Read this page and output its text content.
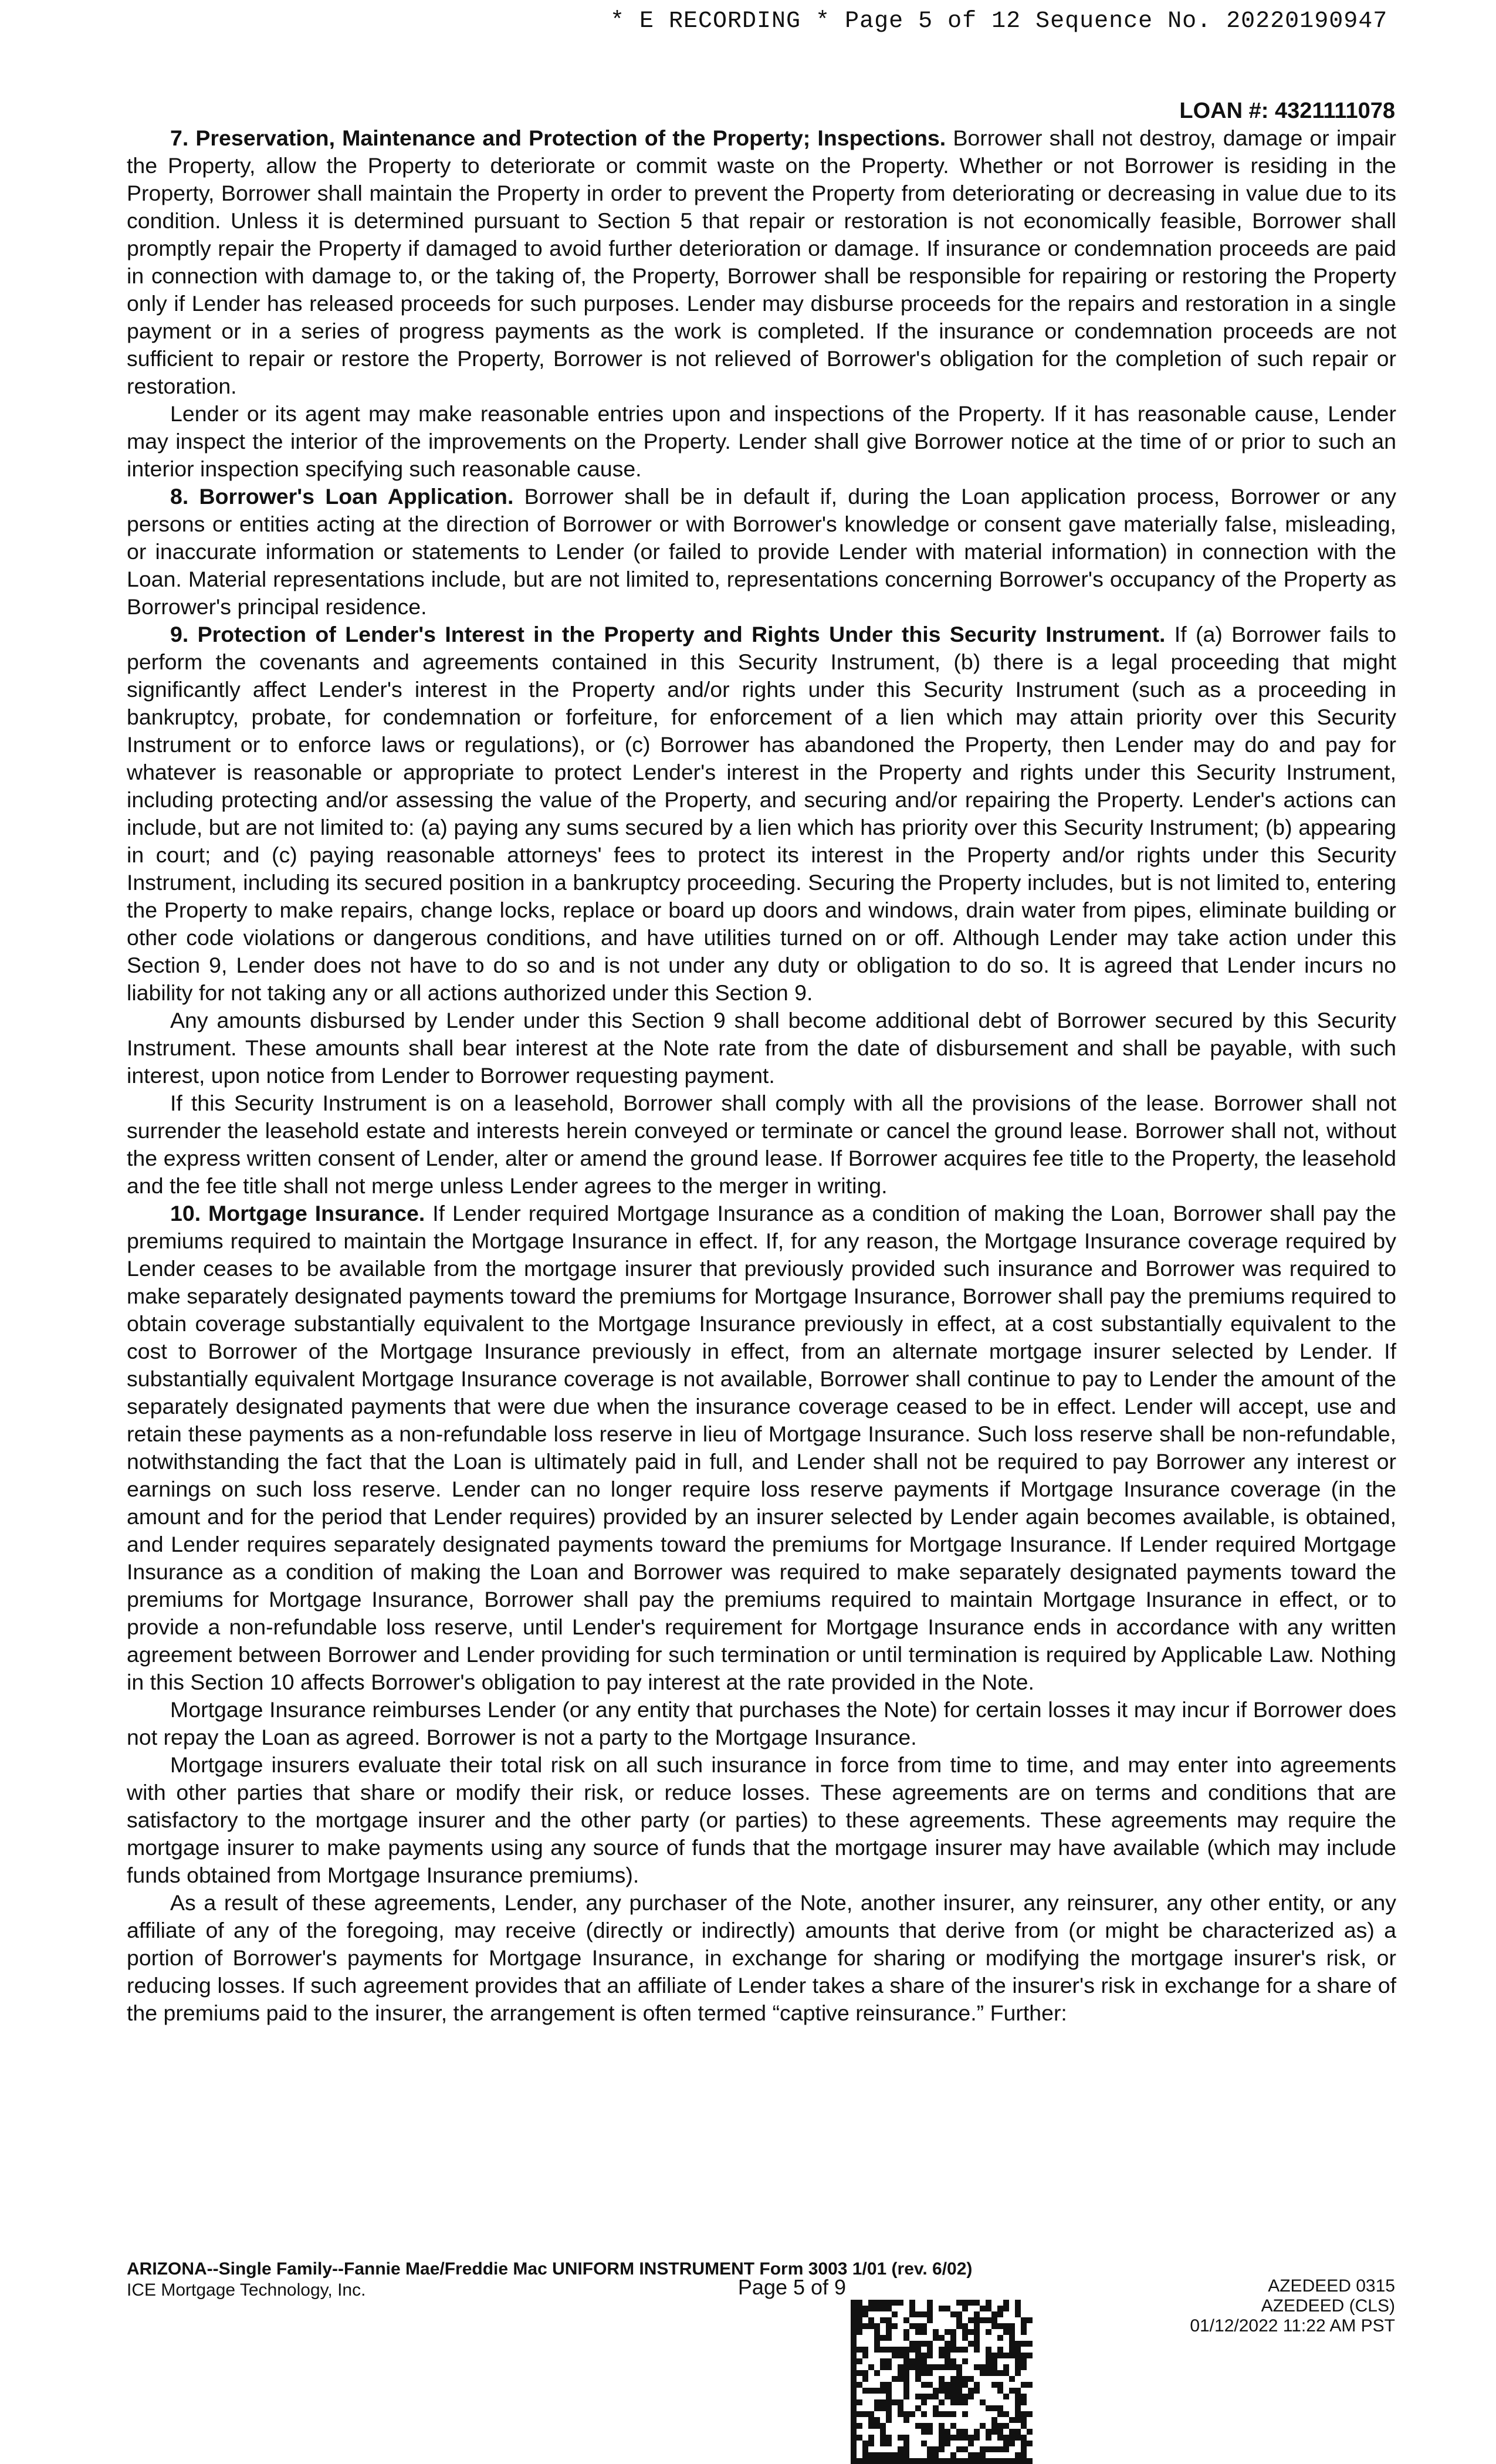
* E RECORDING * Page 5 of 12 Sequence No. 20220190947
LOAN #: 4321111078

7. Preservation, Maintenance and Protection of the Property; Inspections. Borrower shall not destroy, damage or impair the Property, allow the Property to deteriorate or commit waste on the Property. Whether or not Borrower is residing in the Property, Borrower shall maintain the Property in order to prevent the Property from deteriorating or decreasing in value due to its condition. Unless it is determined pursuant to Section 5 that repair or restoration is not economically feasible, Borrower shall promptly repair the Property if damaged to avoid further deterioration or damage. If insurance or condemnation proceeds are paid in connection with damage to, or the taking of, the Property, Borrower shall be responsible for repairing or restoring the Property only if Lender has released proceeds for such purposes. Lender may disburse proceeds for the repairs and restoration in a single payment or in a series of progress payments as the work is completed. If the insurance or condemnation proceeds are not sufficient to repair or restore the Property, Borrower is not relieved of Borrower's obligation for the completion of such repair or restoration.

Lender or its agent may make reasonable entries upon and inspections of the Property. If it has reasonable cause, Lender may inspect the interior of the improvements on the Property. Lender shall give Borrower notice at the time of or prior to such an interior inspection specifying such reasonable cause.

8. Borrower's Loan Application. Borrower shall be in default if, during the Loan application process, Borrower or any persons or entities acting at the direction of Borrower or with Borrower's knowledge or consent gave materially false, misleading, or inaccurate information or statements to Lender (or failed to provide Lender with material information) in connection with the Loan. Material representations include, but are not limited to, representations concerning Borrower's occupancy of the Property as Borrower's principal residence.

9. Protection of Lender's Interest in the Property and Rights Under this Security Instrument. If (a) Borrower fails to perform the covenants and agreements contained in this Security Instrument, (b) there is a legal proceeding that might significantly affect Lender's interest in the Property and/or rights under this Security Instrument (such as a proceeding in bankruptcy, probate, for condemnation or forfeiture, for enforcement of a lien which may attain priority over this Security Instrument or to enforce laws or regulations), or (c) Borrower has abandoned the Property, then Lender may do and pay for whatever is reasonable or appropriate to protect Lender's interest in the Property and rights under this Security Instrument, including protecting and/or assessing the value of the Property, and securing and/or repairing the Property. Lender's actions can include, but are not limited to: (a) paying any sums secured by a lien which has priority over this Security Instrument; (b) appearing in court; and (c) paying reasonable attorneys' fees to protect its interest in the Property and/or rights under this Security Instrument, including its secured position in a bankruptcy proceeding. Securing the Property includes, but is not limited to, entering the Property to make repairs, change locks, replace or board up doors and windows, drain water from pipes, eliminate building or other code violations or dangerous conditions, and have utilities turned on or off. Although Lender may take action under this Section 9, Lender does not have to do so and is not under any duty or obligation to do so. It is agreed that Lender incurs no liability for not taking any or all actions authorized under this Section 9.

Any amounts disbursed by Lender under this Section 9 shall become additional debt of Borrower secured by this Security Instrument. These amounts shall bear interest at the Note rate from the date of disbursement and shall be payable, with such interest, upon notice from Lender to Borrower requesting payment.

If this Security Instrument is on a leasehold, Borrower shall comply with all the provisions of the lease. Borrower shall not surrender the leasehold estate and interests herein conveyed or terminate or cancel the ground lease. Borrower shall not, without the express written consent of Lender, alter or amend the ground lease. If Borrower acquires fee title to the Property, the leasehold and the fee title shall not merge unless Lender agrees to the merger in writing.

10. Mortgage Insurance. If Lender required Mortgage Insurance as a condition of making the Loan, Borrower shall pay the premiums required to maintain the Mortgage Insurance in effect. If, for any reason, the Mortgage Insurance coverage required by Lender ceases to be available from the mortgage insurer that previously provided such insurance and Borrower was required to make separately designated payments toward the premiums for Mortgage Insurance, Borrower shall pay the premiums required to obtain coverage substantially equivalent to the Mortgage Insurance previously in effect, at a cost substantially equivalent to the cost to Borrower of the Mortgage Insurance previously in effect, from an alternate mortgage insurer selected by Lender. If substantially equivalent Mortgage Insurance coverage is not available, Borrower shall continue to pay to Lender the amount of the separately designated payments that were due when the insurance coverage ceased to be in effect. Lender will accept, use and retain these payments as a non-refundable loss reserve in lieu of Mortgage Insurance. Such loss reserve shall be non-refundable, notwithstanding the fact that the Loan is ultimately paid in full, and Lender shall not be required to pay Borrower any interest or earnings on such loss reserve. Lender can no longer require loss reserve payments if Mortgage Insurance coverage (in the amount and for the period that Lender requires) provided by an insurer selected by Lender again becomes available, is obtained, and Lender requires separately designated payments toward the premiums for Mortgage Insurance. If Lender required Mortgage Insurance as a condition of making the Loan and Borrower was required to make separately designated payments toward the premiums for Mortgage Insurance, Borrower shall pay the premiums required to maintain Mortgage Insurance in effect, or to provide a non-refundable loss reserve, until Lender's requirement for Mortgage Insurance ends in accordance with any written agreement between Borrower and Lender providing for such termination or until termination is required by Applicable Law. Nothing in this Section 10 affects Borrower's obligation to pay interest at the rate provided in the Note.

Mortgage Insurance reimburses Lender (or any entity that purchases the Note) for certain losses it may incur if Borrower does not repay the Loan as agreed. Borrower is not a party to the Mortgage Insurance.

Mortgage insurers evaluate their total risk on all such insurance in force from time to time, and may enter into agreements with other parties that share or modify their risk, or reduce losses. These agreements are on terms and conditions that are satisfactory to the mortgage insurer and the other party (or parties) to these agreements. These agreements may require the mortgage insurer to make payments using any source of funds that the mortgage insurer may have available (which may include funds obtained from Mortgage Insurance premiums).

As a result of these agreements, Lender, any purchaser of the Note, another insurer, any reinsurer, any other entity, or any affiliate of any of the foregoing, may receive (directly or indirectly) amounts that derive from (or might be characterized as) a portion of Borrower's payments for Mortgage Insurance, in exchange for sharing or modifying the mortgage insurer's risk, or reducing losses. If such agreement provides that an affiliate of Lender takes a share of the insurer's risk in exchange for a share of the premiums paid to the insurer, the arrangement is often termed “captive reinsurance.” Further:

ARIZONA--Single Family--Fannie Mae/Freddie Mac UNIFORM INSTRUMENT Form 3003 1/01 (rev. 6/02)
ICE Mortgage Technology, Inc.	Page 5 of 9	AZEDEED 0315
AZEDEED (CLS)
01/12/2022 11:22 AM PST
